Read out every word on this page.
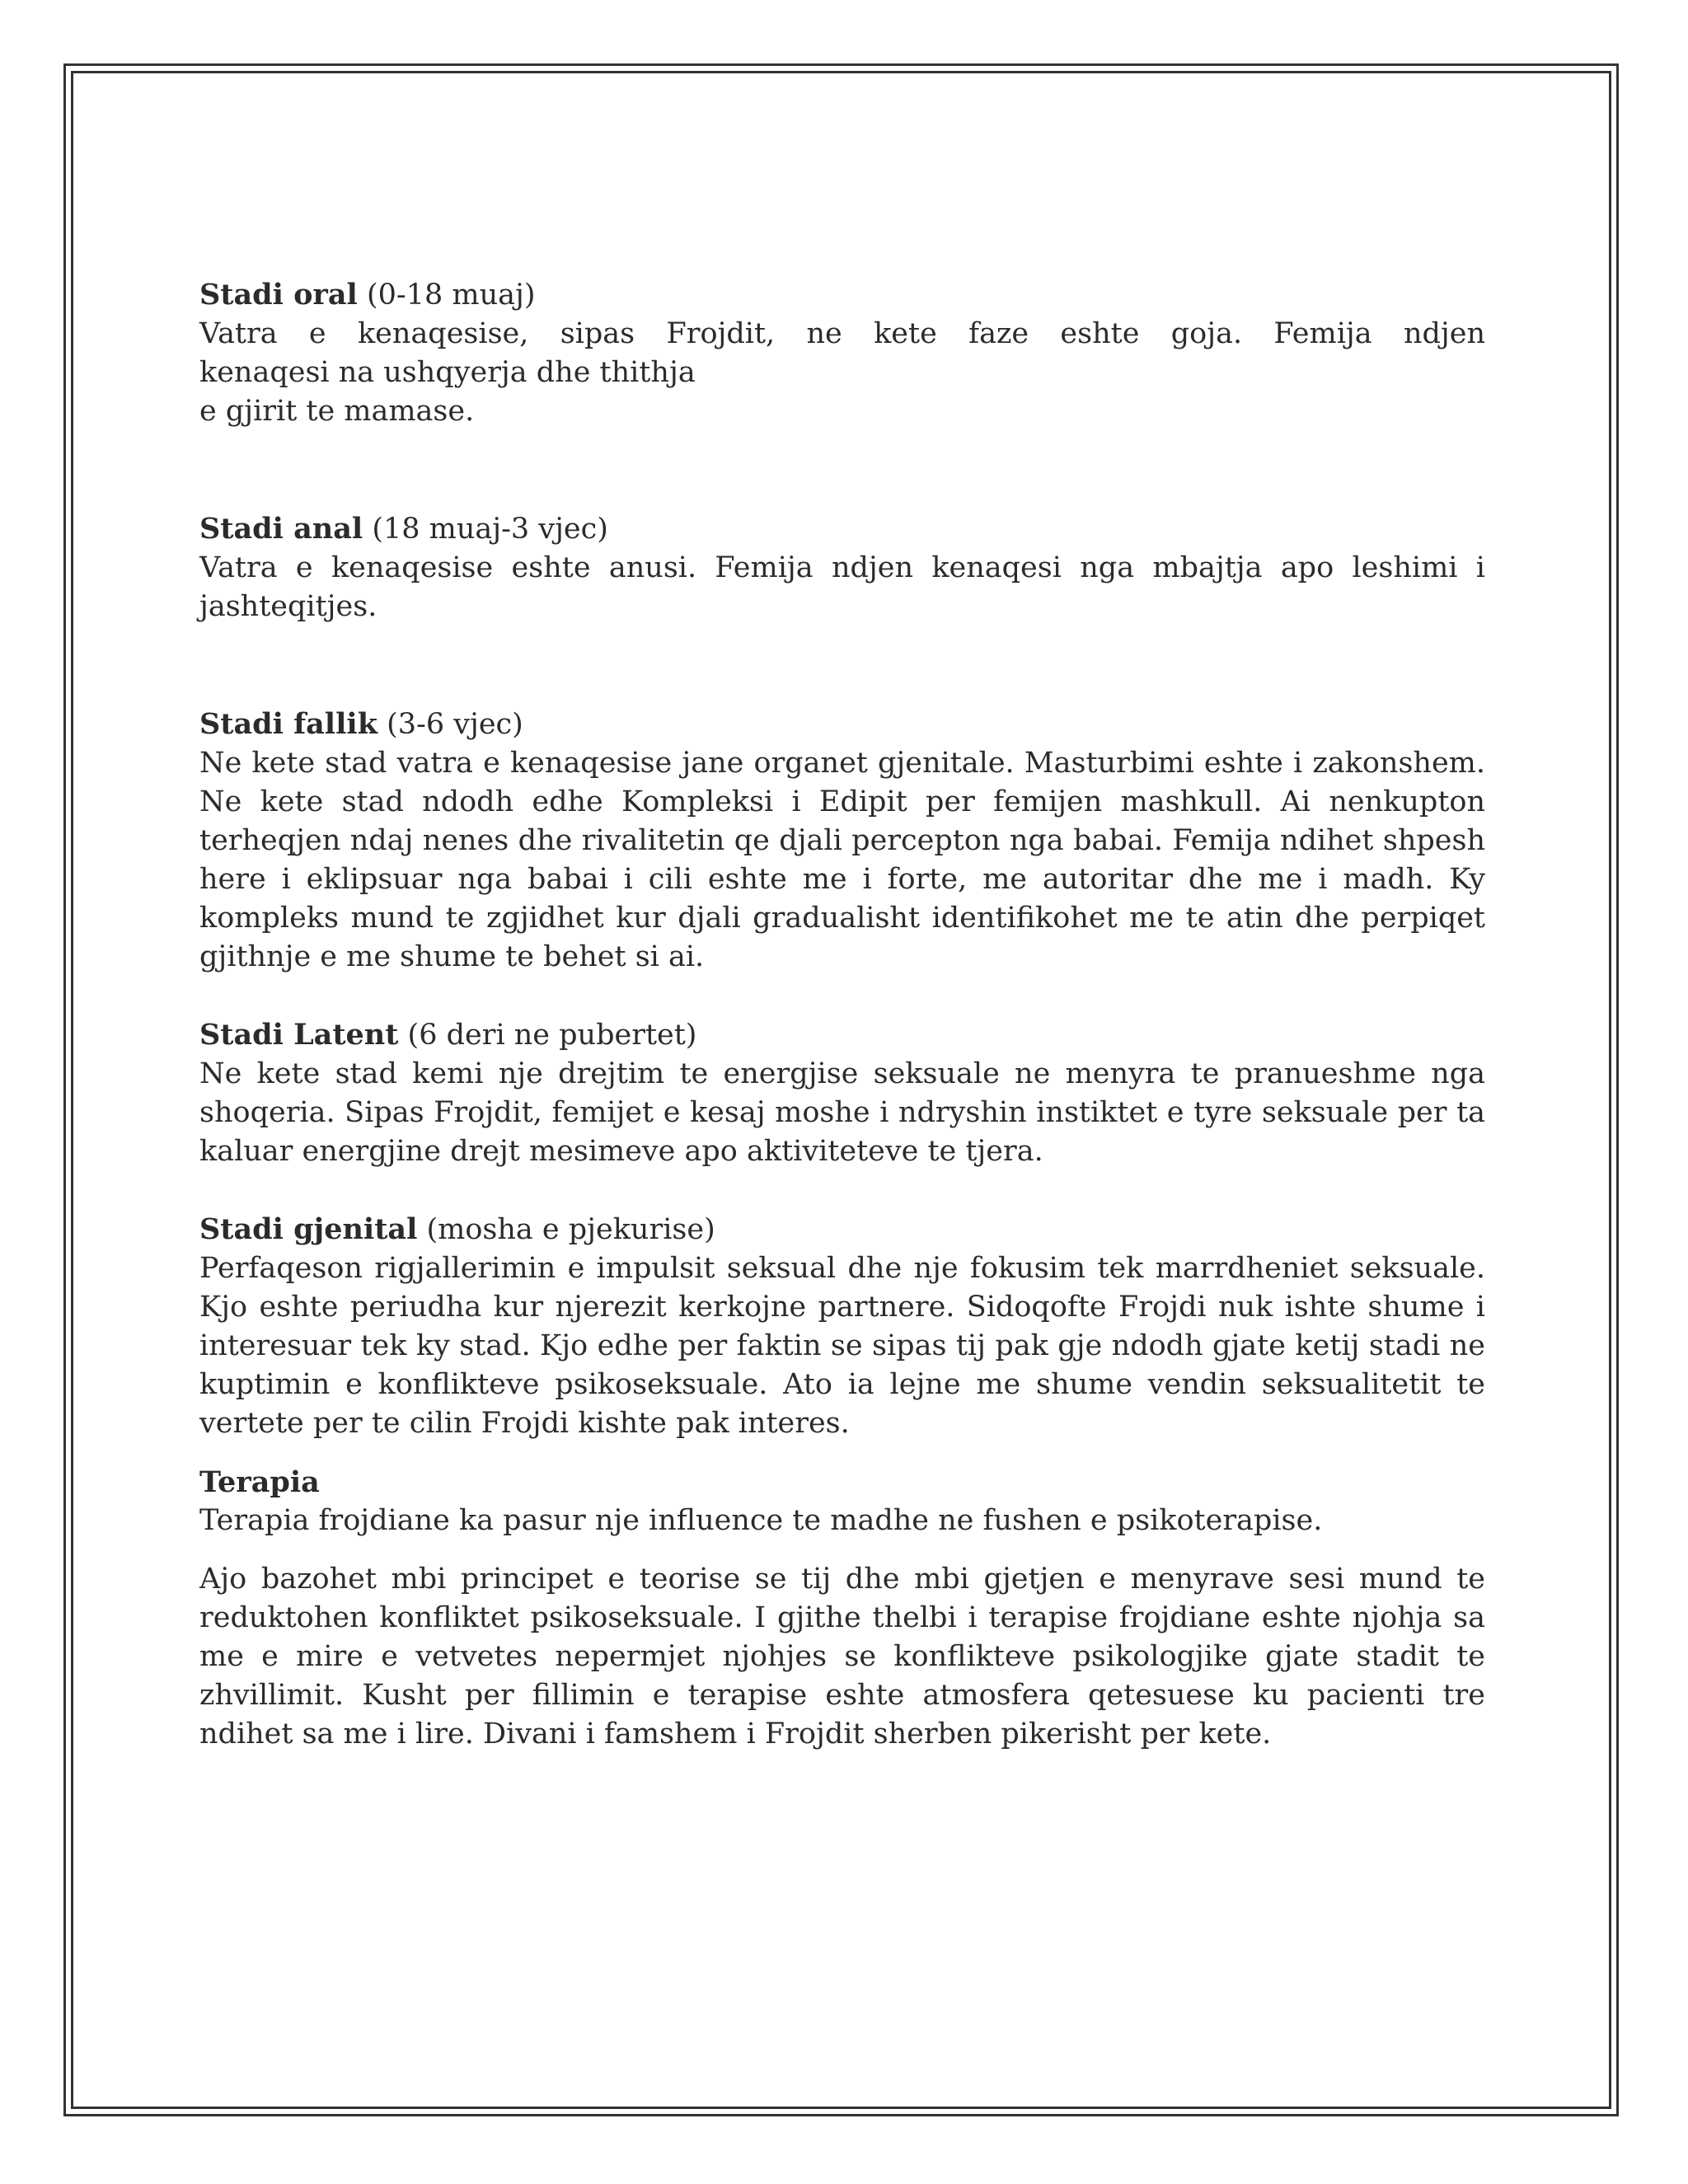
Stadi oral (0-18 muaj)
Vatra e kenaqesise, sipas Frojdit, ne kete faze eshte goja. Femija ndjen
kenaqesi na ushqyerja dhe thithja
e gjirit te mamase.
Stadi anal (18 muaj-3 vjec)
Vatra e kenaqesise eshte anusi. Femija ndjen kenaqesi nga mbajtja apo leshimi i jashteqitjes.
Stadi fallik (3-6 vjec)
Ne kete stad vatra e kenaqesise jane organet gjenitale. Masturbimi eshte i zakonshem. Ne kete stad ndodh edhe Kompleksi i Edipit per femijen mashkull. Ai nenkupton terheqjen ndaj nenes dhe rivalitetin qe djali percepton nga babai. Femija ndihet shpesh here i eklipsuar nga babai i cili eshte me i forte, me autoritar dhe me i madh. Ky kompleks mund te zgjidhet kur djali gradualisht identifikohet me te atin dhe perpiqet gjithnje e me shume te behet si ai.
Stadi Latent (6 deri ne pubertet)
Ne kete stad kemi nje drejtim te energjise seksuale ne menyra te pranueshme nga shoqeria. Sipas Frojdit, femijet e kesaj moshe i ndryshin instiktet e tyre seksuale per ta kaluar energjine drejt mesimeve apo aktiviteteve te tjera.
Stadi gjenital (mosha e pjekurise)
Perfaqeson rigjallerimin e impulsit seksual dhe nje fokusim tek marrdheniet seksuale. Kjo eshte periudha kur njerezit kerkojne partnere. Sidoqofte Frojdi nuk ishte shume i interesuar tek ky stad. Kjo edhe per faktin se sipas tij pak gje ndodh gjate ketij stadi ne kuptimin e konflikteve psikoseksuale. Ato ia lejne me shume vendin seksualitetit te vertete per te cilin Frojdi kishte pak interes.
Terapia
Terapia frojdiane ka pasur nje influence te madhe ne fushen e psikoterapise.
Ajo bazohet mbi principet e teorise se tij dhe mbi gjetjen e menyrave sesi mund te reduktohen konfliktet psikoseksuale. I gjithe thelbi i terapise frojdiane eshte njohja sa me e mire e vetvetes nepermjet njohjes se konflikteve psikologjike gjate stadit te zhvillimit. Kusht per fillimin e terapise eshte atmosfera qetesuese ku pacienti tre ndihet sa me i lire. Divani i famshem i Frojdit sherben pikerisht per kete.
